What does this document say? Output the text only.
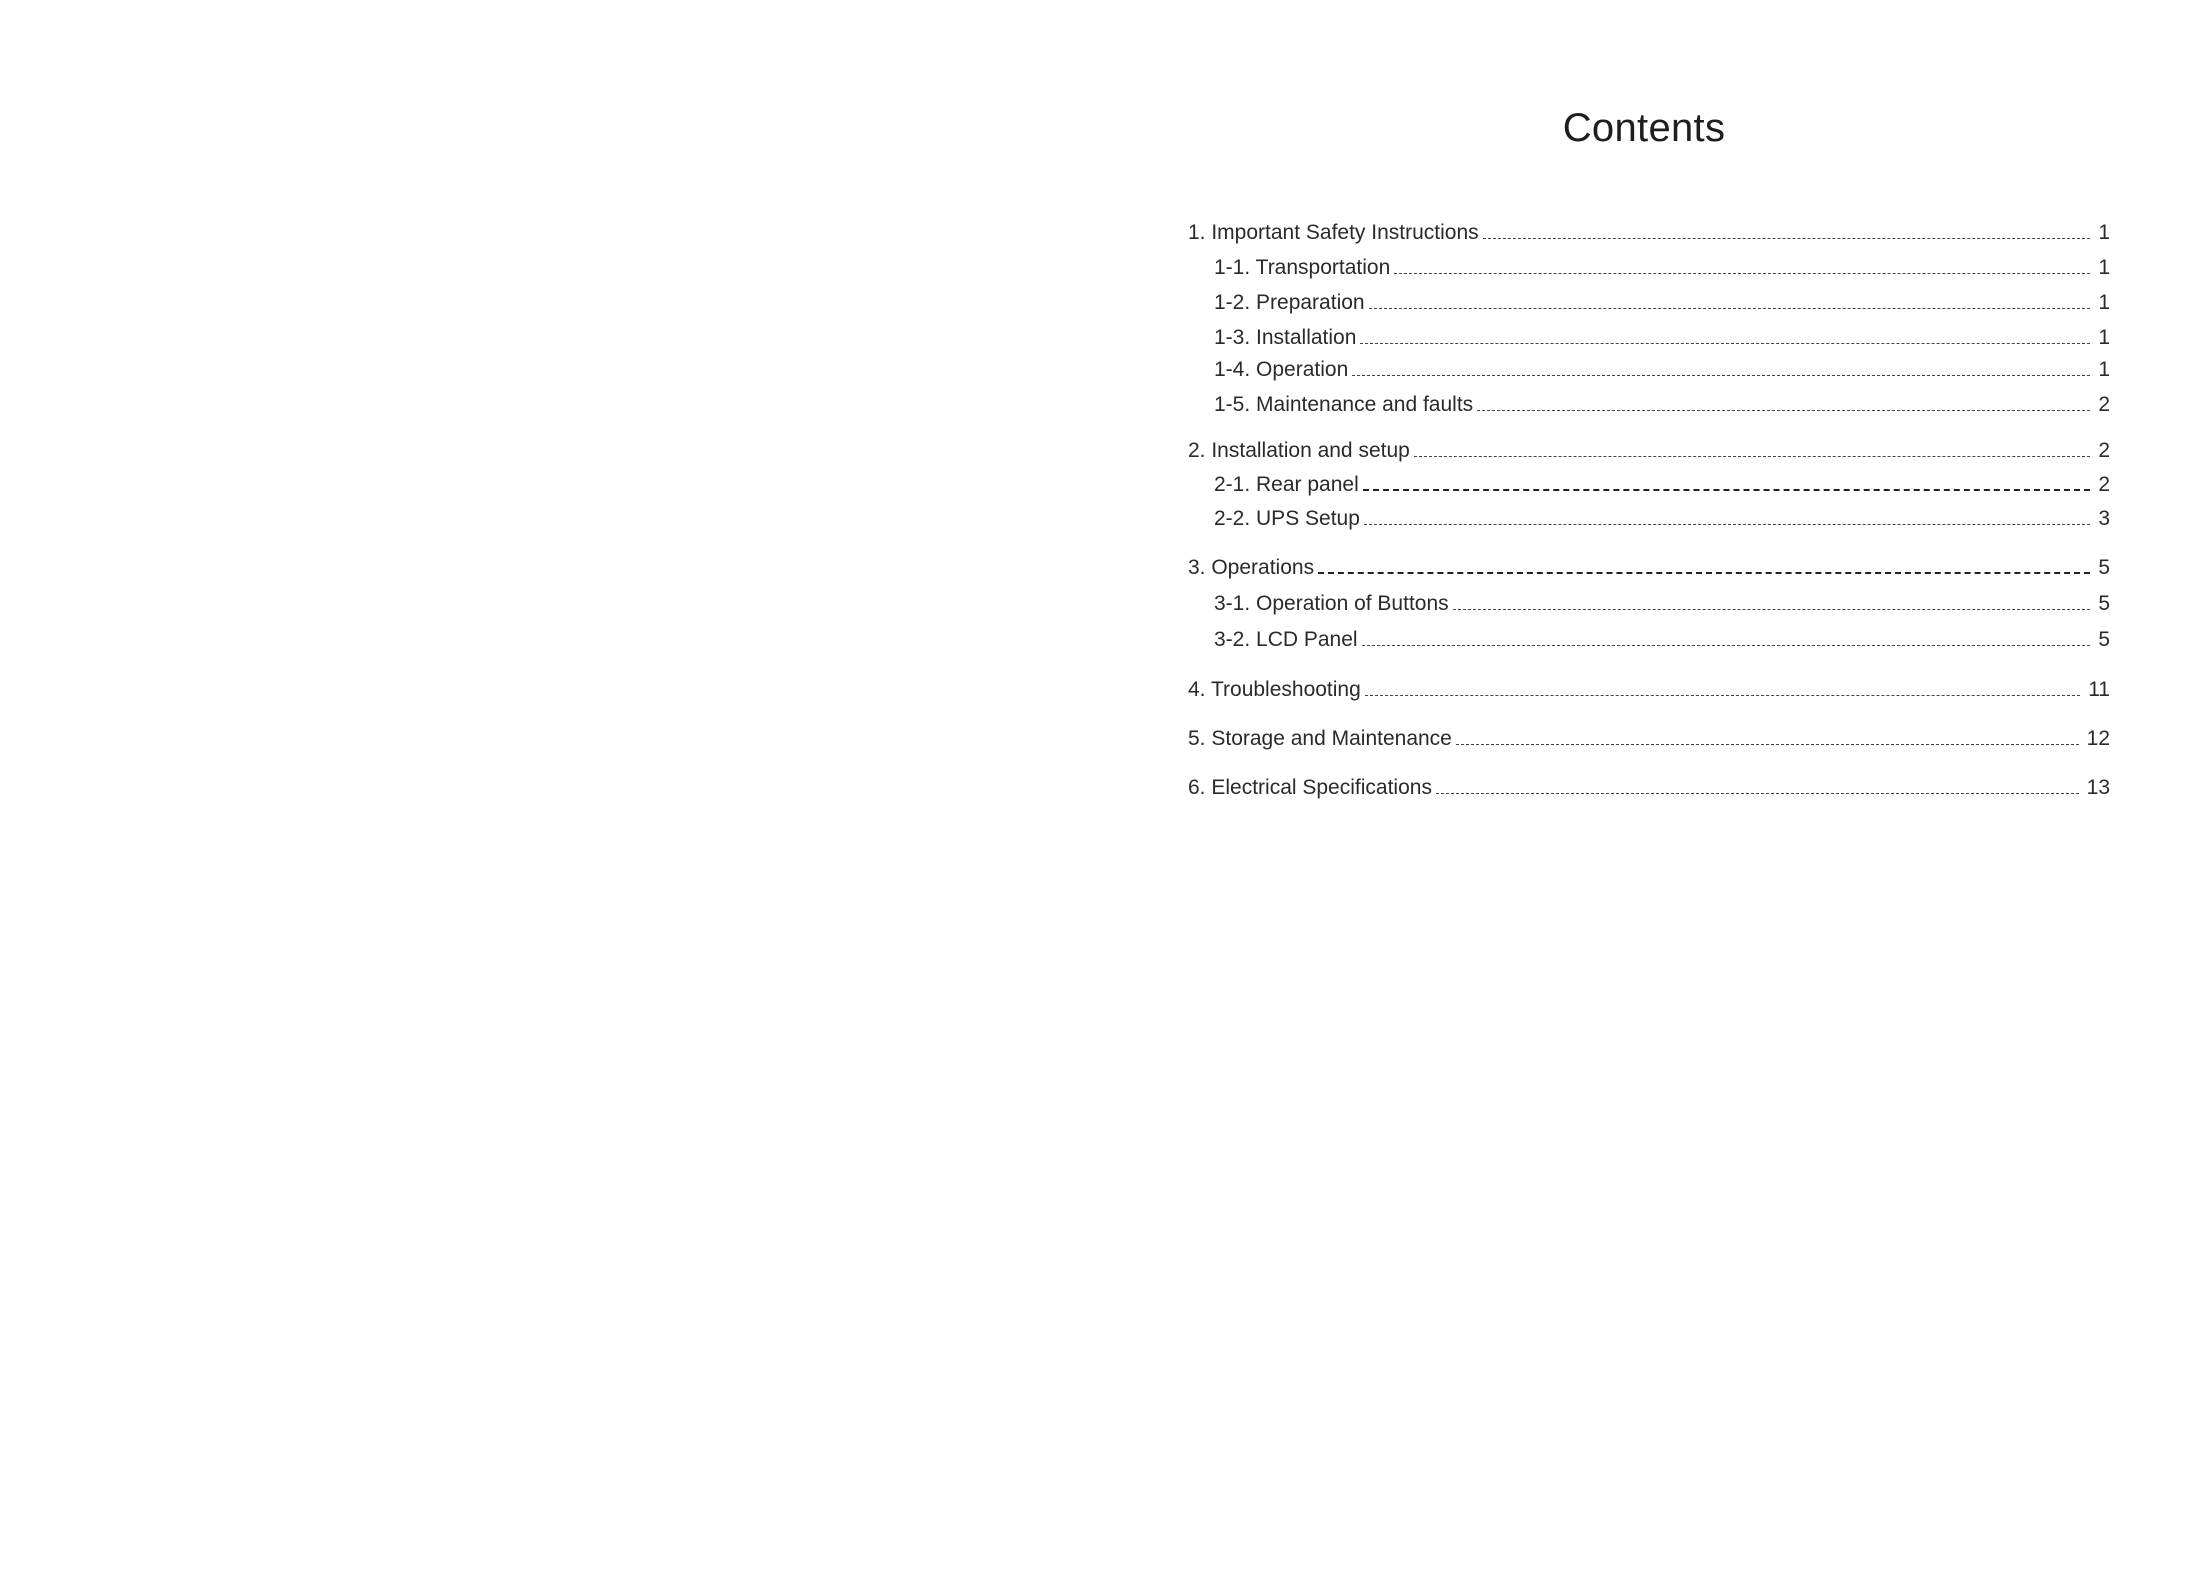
Contents
1. Important Safety Instructions	1
1-1. Transportation	1
1-2. Preparation	1
1-3. Installation	1
1-4. Operation	1
1-5. Maintenance and faults	2
2. Installation and setup	2
2-1. Rear panel	2
2-2. UPS Setup	3
3. Operations	5
3-1. Operation of Buttons	5
3-2. LCD Panel	5
4. Troubleshooting	11
5. Storage and Maintenance	12
6. Electrical Specifications	13
